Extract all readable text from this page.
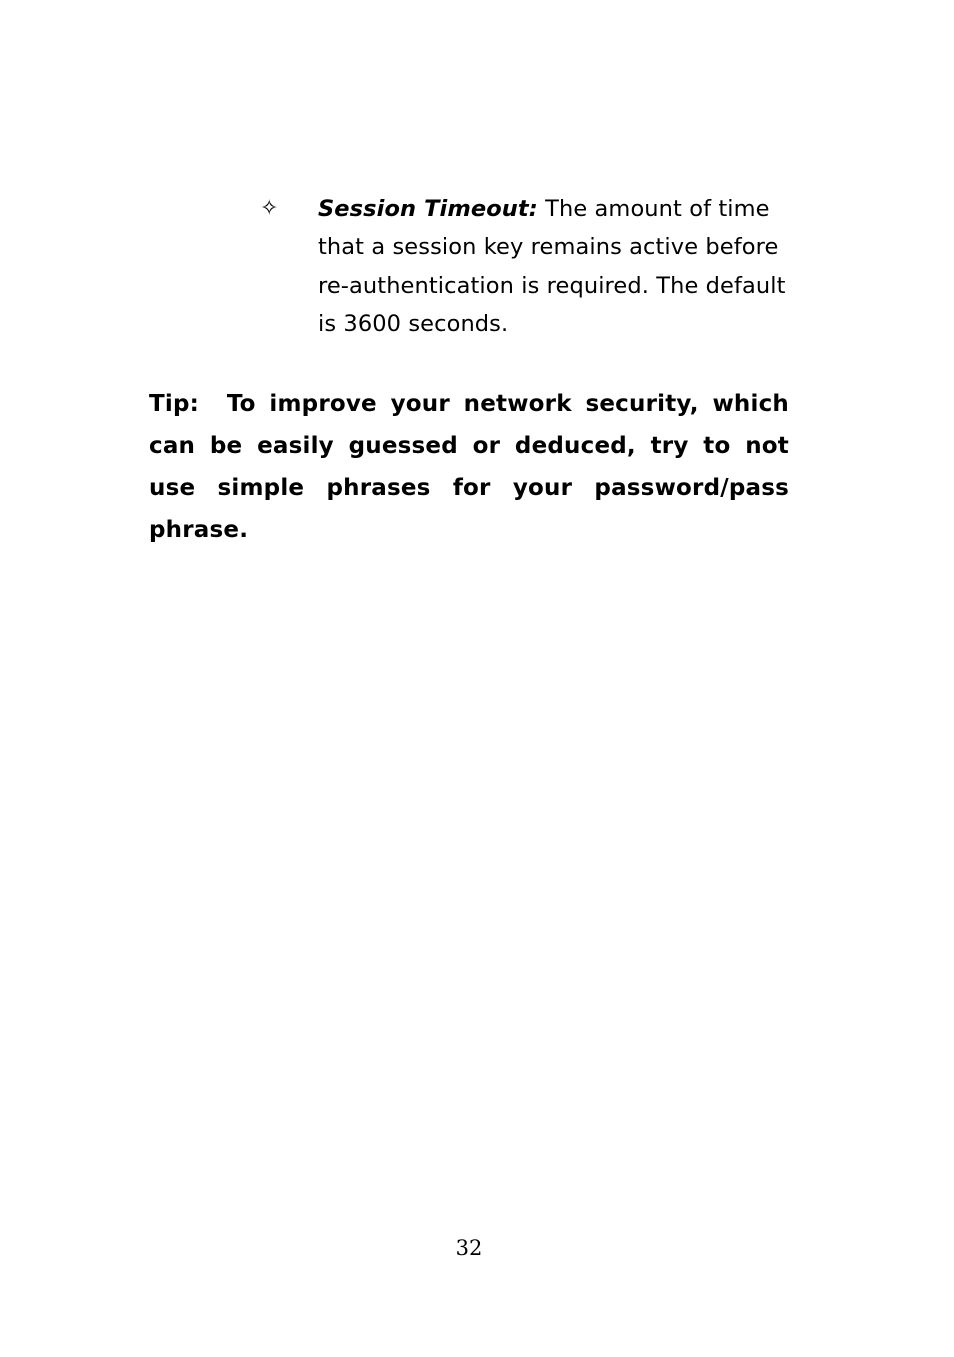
✧	Session Timeout: The amount of time that a session key remains active before re-authentication is required. The default is 3600 seconds.
Tip: To improve your network security, which can be easily guessed or deduced, try to not use simple phrases for your password/pass phrase.
32
